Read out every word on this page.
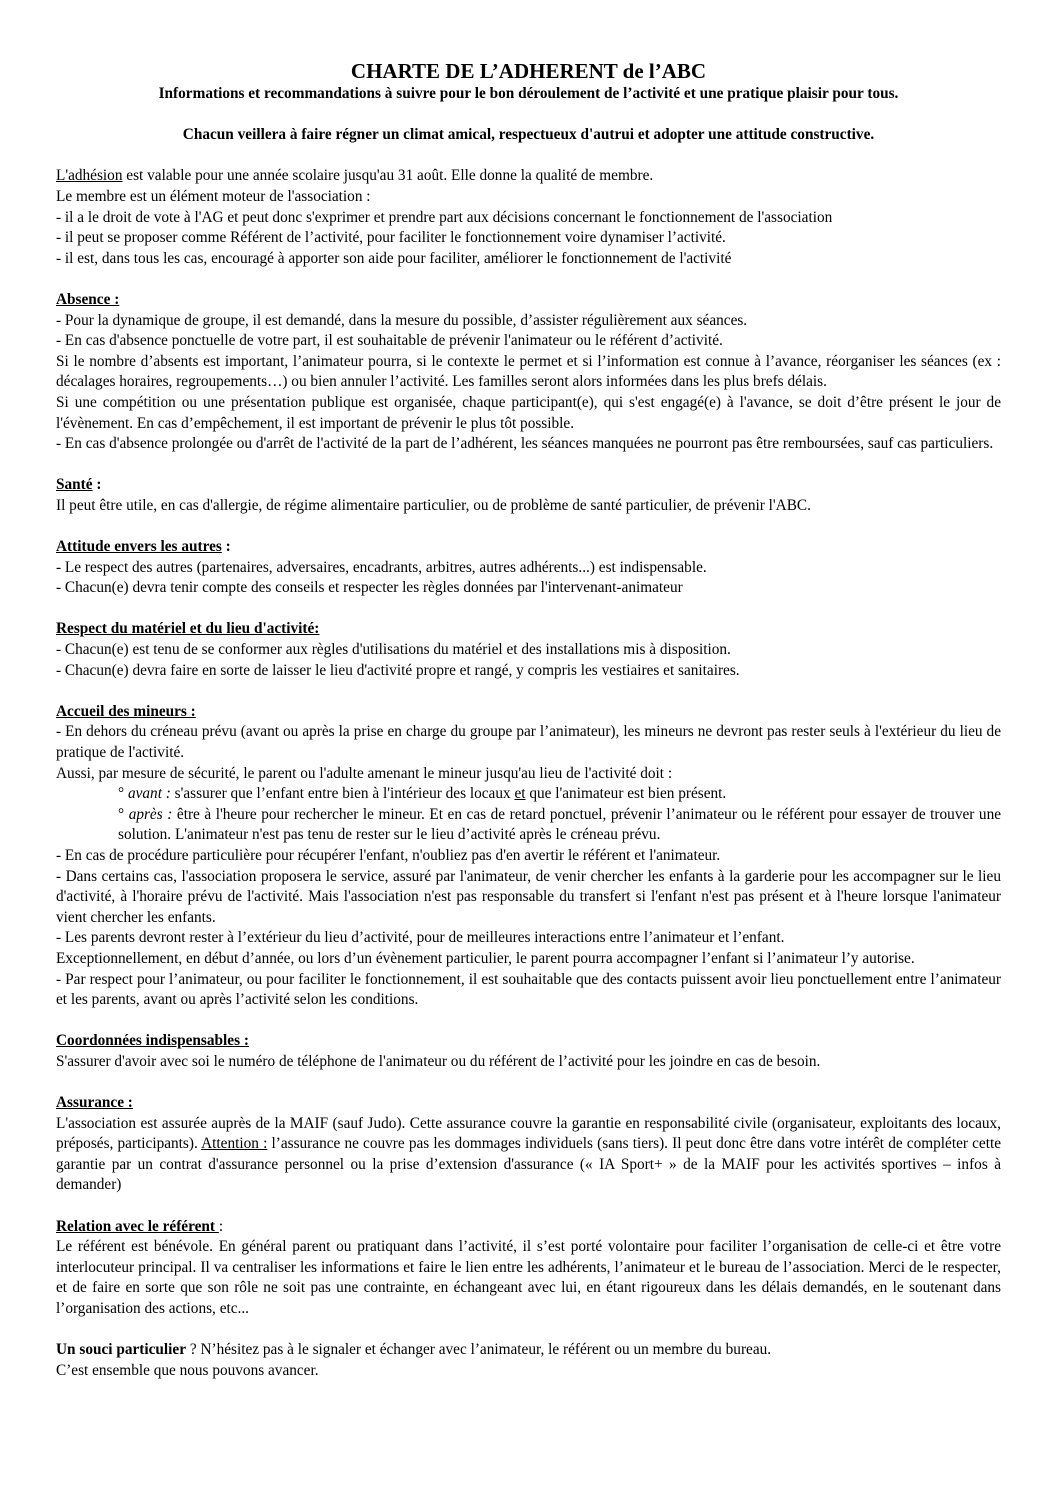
CHARTE DE L’ADHERENT de l’ABC

Informations et recommandations à suivre pour le bon déroulement de l’activité et une pratique plaisir pour tous.

Chacun veillera à faire régner un climat amical, respectueux d'autrui et adopter une attitude constructive.

L'adhésion est valable pour une année scolaire jusqu'au 31 août. Elle donne la qualité de membre.

Le membre est un élément moteur de l'association :

- il a le droit de vote à l'AG et peut donc s'exprimer et prendre part aux décisions concernant le fonctionnement de l'association

- il peut se proposer comme Référent de l’activité, pour faciliter le fonctionnement voire dynamiser l’activité.

- il est, dans tous les cas, encouragé à apporter son aide pour faciliter, améliorer le fonctionnement de l'activité

Absence :

- Pour la dynamique de groupe, il est demandé, dans la mesure du possible, d’assister régulièrement aux séances.

- En cas d'absence ponctuelle de votre part, il est souhaitable de prévenir l'animateur ou le référent d’activité.

Si le nombre d’absents est important, l’animateur pourra, si le contexte le permet et si l’information est connue à l’avance, réorganiser les séances (ex : décalages horaires, regroupements…) ou bien annuler l’activité. Les familles seront alors informées dans les plus brefs délais.

Si une compétition ou une présentation publique est organisée, chaque participant(e), qui s'est engagé(e) à l'avance, se doit d’être présent le jour de l'évènement. En cas d’empêchement, il est important de prévenir le plus tôt possible.

- En cas d'absence prolongée ou d'arrêt de l'activité de la part de l’adhérent, les séances manquées ne pourront pas être remboursées, sauf cas particuliers.

Santé :

Il peut être utile, en cas d'allergie, de régime alimentaire particulier, ou de problème de santé particulier, de prévenir l'ABC.

Attitude envers les autres :

- Le respect des autres (partenaires, adversaires, encadrants, arbitres, autres adhérents...) est indispensable.

- Chacun(e) devra tenir compte des conseils et respecter les règles données par l'intervenant-animateur

Respect du matériel et du lieu d'activité:

- Chacun(e) est tenu de se conformer aux règles d'utilisations du matériel et des installations mis à disposition.

- Chacun(e) devra faire en sorte de laisser le lieu d'activité propre et rangé, y compris les vestiaires et sanitaires.

Accueil des mineurs :

- En dehors du créneau prévu (avant ou après la prise en charge du groupe par l’animateur), les mineurs ne devront pas rester seuls à l'extérieur du lieu de pratique de l'activité.

Aussi, par mesure de sécurité, le parent ou l'adulte amenant le mineur jusqu'au lieu de l'activité doit :

° avant : s'assurer que l’enfant entre bien à l'intérieur des locaux et que l'animateur est bien présent.

° après : être à l'heure pour rechercher le mineur. Et en cas de retard ponctuel, prévenir l’animateur ou le référent pour essayer de trouver une solution. L'animateur n'est pas tenu de rester sur le lieu d’activité après le créneau prévu.

- En cas de procédure particulière pour récupérer l'enfant, n'oubliez pas d'en avertir le référent et l'animateur.

- Dans certains cas, l'association proposera le service, assuré par l'animateur, de venir chercher les enfants à la garderie pour les accompagner sur le lieu d'activité, à l'horaire prévu de l'activité. Mais l'association n'est pas responsable du transfert si l'enfant n'est pas présent et à l'heure lorsque l'animateur vient chercher les enfants.

- Les parents devront rester à l’extérieur du lieu d’activité, pour de meilleures interactions entre l’animateur et l’enfant.

Exceptionnellement, en début d’année, ou lors d’un évènement particulier, le parent pourra accompagner l’enfant si l’animateur l’y autorise.

- Par respect pour l’animateur, ou pour faciliter le fonctionnement, il est souhaitable que des contacts puissent avoir lieu ponctuellement entre l’animateur et les parents, avant ou après l’activité selon les conditions.

Coordonnées indispensables :

S'assurer d'avoir avec soi le numéro de téléphone de l'animateur ou du référent de l’activité pour les joindre en cas de besoin.

Assurance :

L'association est assurée auprès de la MAIF (sauf Judo). Cette assurance couvre la garantie en responsabilité civile (organisateur, exploitants des locaux, préposés, participants). Attention : l’assurance ne couvre pas les dommages individuels (sans tiers). Il peut donc être dans votre intérêt de compléter cette garantie par un contrat d'assurance personnel ou la prise d’extension d'assurance (« IA Sport+ » de la MAIF pour les activités sportives – infos à demander)

Relation avec le référent :

Le référent est bénévole. En général parent ou pratiquant dans l’activité, il s’est porté volontaire pour faciliter l’organisation de celle-ci et être votre interlocuteur principal. Il va centraliser les informations et faire le lien entre les adhérents, l’animateur et le bureau de l’association. Merci de le respecter, et de faire en sorte que son rôle ne soit pas une contrainte, en échangeant avec lui, en étant rigoureux dans les délais demandés, en le soutenant dans l’organisation des actions, etc...

Un souci particulier ? N’hésitez pas à le signaler et échanger avec l’animateur, le référent ou un membre du bureau.

C’est ensemble que nous pouvons avancer.
